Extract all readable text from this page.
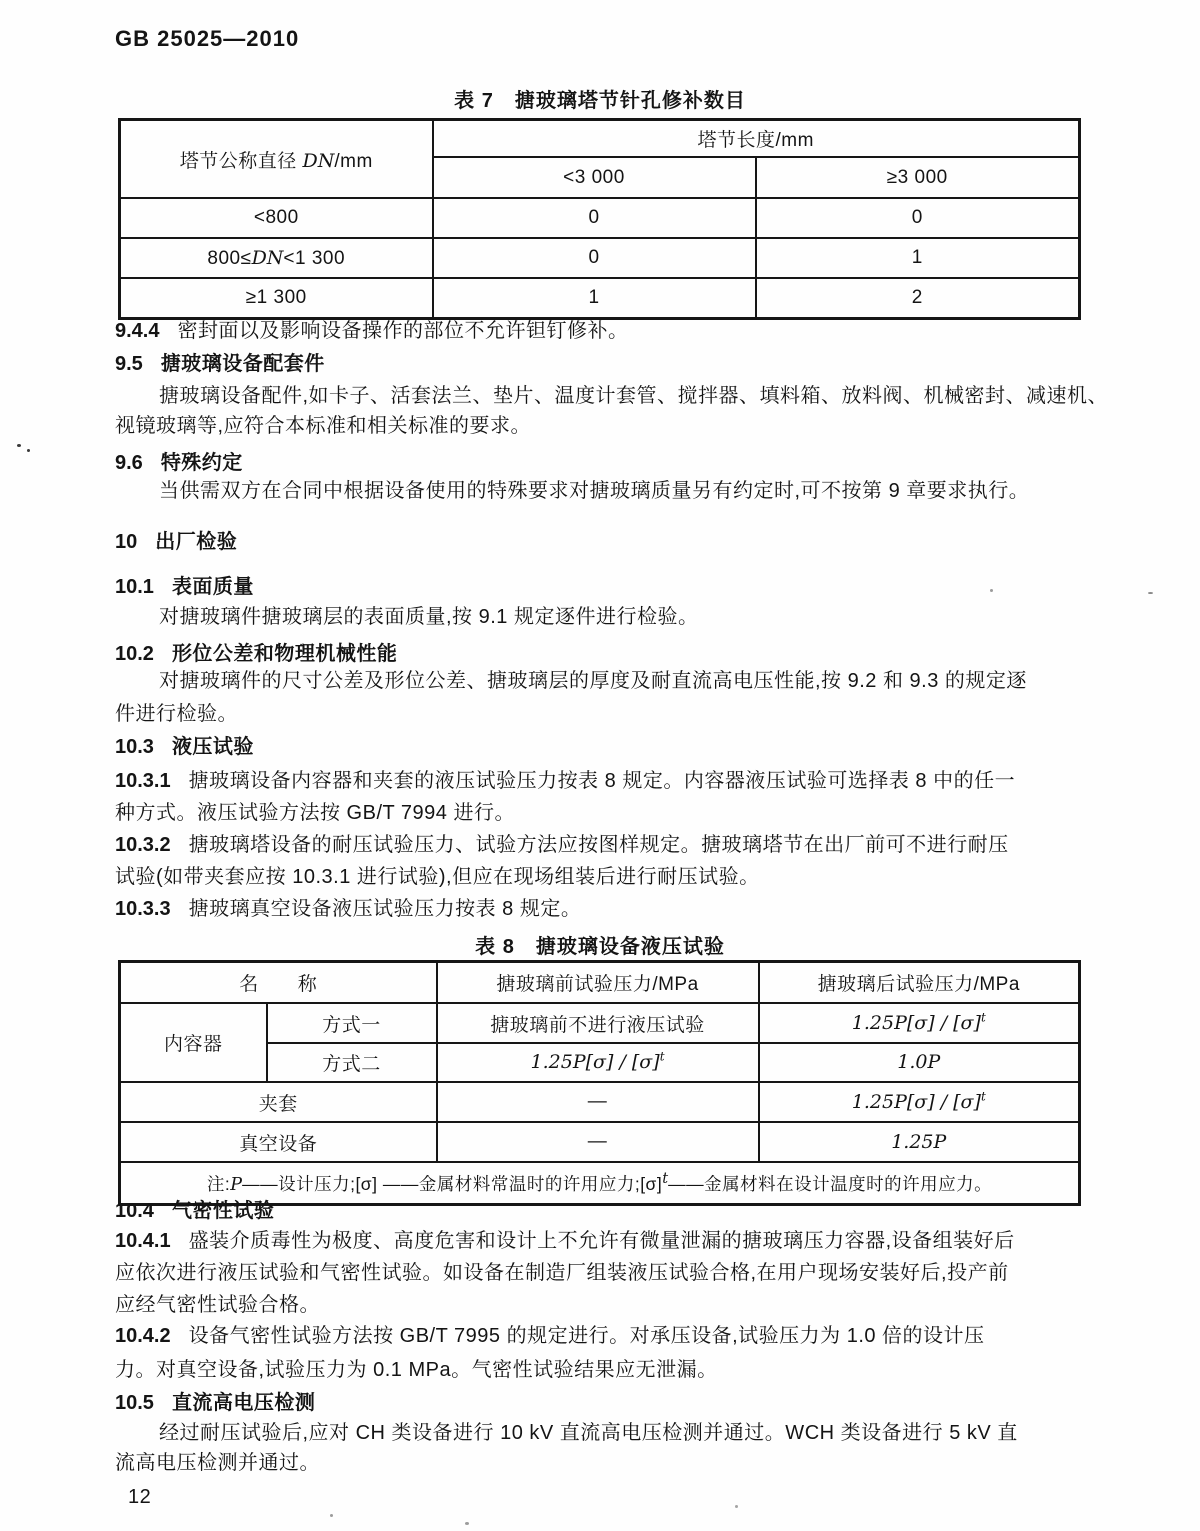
GB 25025—2010
表 7　搪玻璃塔节针孔修补数目
塔节公称直径 DN/mm	塔节长度/mm	
	<3 000	≥3 000
<800	0	0
800≤DN<1 300	0	1
≥1 300	1	2
9.4.4 密封面以及影响设备操作的部位不允许钽钉修补。
9.5 搪玻璃设备配套件
搪玻璃设备配件,如卡子、活套法兰、垫片、温度计套管、搅拌器、填料箱、放料阀、机械密封、减速机、
视镜玻璃等,应符合本标准和相关标准的要求。
9.6 特殊约定
当供需双方在合同中根据设备使用的特殊要求对搪玻璃质量另有约定时,可不按第 9 章要求执行。
10 出厂检验
10.1 表面质量
对搪玻璃件搪玻璃层的表面质量,按 9.1 规定逐件进行检验。
10.2 形位公差和物理机械性能
对搪玻璃件的尺寸公差及形位公差、搪玻璃层的厚度及耐直流高电压性能,按 9.2 和 9.3 的规定逐
件进行检验。
10.3 液压试验
10.3.1 搪玻璃设备内容器和夹套的液压试验压力按表 8 规定。内容器液压试验可选择表 8 中的任一
种方式。液压试验方法按 GB/T 7994 进行。
10.3.2 搪玻璃塔设备的耐压试验压力、试验方法应按图样规定。搪玻璃塔节在出厂前可不进行耐压
试验(如带夹套应按 10.3.1 进行试验),但应在现场组装后进行耐压试验。
10.3.3 搪玻璃真空设备液压试验压力按表 8 规定。
表 8　搪玻璃设备液压试验
名　　称		搪玻璃前试验压力/MPa	搪玻璃后试验压力/MPa
内容器	方式一	搪玻璃前不进行液压试验	$1.25P[\sigma] / [\sigma]^t$
	方式二	$1.25P[\sigma] / [\sigma]^t$	1.0P
夹套		—	$1.25P[\sigma] / [\sigma]^t$
真空设备		—	1.25P
注:P——设计压力;[σ] ——金属材料常温时的许用应力$;[\sigma]^t——$金属材料在设计温度时的许用应力。			
10.4 气密性试验
10.4.1 盛装介质毒性为极度、高度危害和设计上不允许有微量泄漏的搪玻璃压力容器,设备组装好后
应依次进行液压试验和气密性试验。如设备在制造厂组装液压试验合格,在用户现场安装好后,投产前
应经气密性试验合格。
10.4.2 设备气密性试验方法按 GB/T 7995 的规定进行。对承压设备,试验压力为 1.0 倍的设计压
力。对真空设备,试验压力为 0.1 MPa。气密性试验结果应无泄漏。
10.5 直流高电压检测
经过耐压试验后,应对 CH 类设备进行 10 kV 直流高电压检测并通过。WCH 类设备进行 5 kV 直
流高电压检测并通过。
12
